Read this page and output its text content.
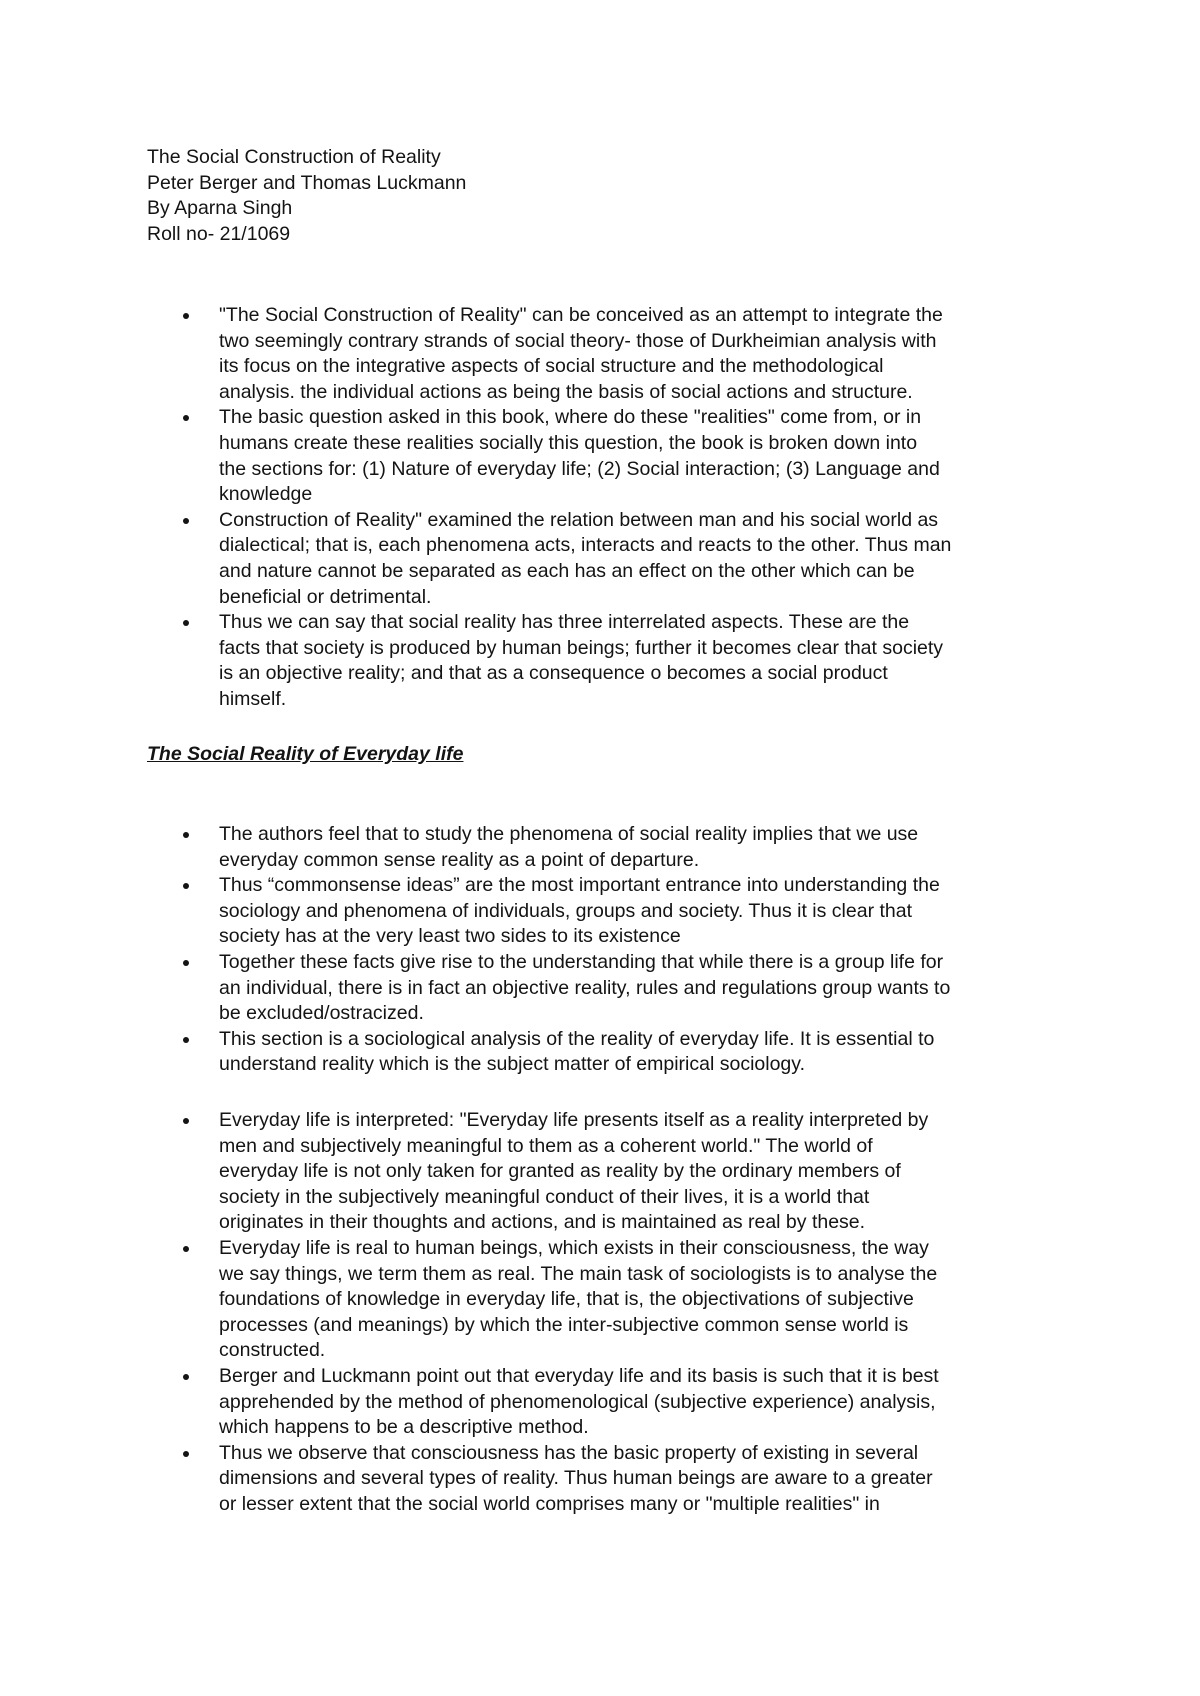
The Social Construction of Reality

Peter Berger and Thomas Luckmann

By Aparna Singh

Roll no- 21/1069

"The Social Construction of Reality" can be conceived as an attempt to integrate the
two seemingly contrary strands of social theory- those of Durkheimian analysis with
its focus on the integrative aspects of social structure and the methodological
analysis. the individual actions as being the basis of social actions and structure.
The basic question asked in this book, where do these "realities" come from, or in
humans create these realities socially this question, the book is broken down into
the sections for: (1) Nature of everyday life; (2) Social interaction; (3) Language and
knowledge
Construction of Reality" examined the relation between man and his social world as
dialectical; that is, each phenomena acts, interacts and reacts to the other. Thus man
and nature cannot be separated as each has an effect on the other which can be
beneficial or detrimental.
Thus we can say that social reality has three interrelated aspects. These are the
facts that society is produced by human beings; further it becomes clear that society
is an objective reality; and that as a consequence o becomes a social product
himself.
The Social Reality of Everyday life
The authors feel that to study the phenomena of social reality implies that we use
everyday common sense reality as a point of departure.
Thus “commonsense ideas” are the most important entrance into understanding the
sociology and phenomena of individuals, groups and society. Thus it is clear that
society has at the very least two sides to its existence
Together these facts give rise to the understanding that while there is a group life for
an individual, there is in fact an objective reality, rules and regulations group wants to
be excluded/ostracized.
This section is a sociological analysis of the reality of everyday life. It is essential to
understand reality which is the subject matter of empirical sociology.
Everyday life is interpreted: "Everyday life presents itself as a reality interpreted by
men and subjectively meaningful to them as a coherent world." The world of
everyday life is not only taken for granted as reality by the ordinary members of
society in the subjectively meaningful conduct of their lives, it is a world that
originates in their thoughts and actions, and is maintained as real by these.
Everyday life is real to human beings, which exists in their consciousness, the way
we say things, we term them as real. The main task of sociologists is to analyse the
foundations of knowledge in everyday life, that is, the objectivations of subjective
processes (and meanings) by which the inter-subjective common sense world is
constructed.
Berger and Luckmann point out that everyday life and its basis is such that it is best
apprehended by the method of phenomenological (subjective experience) analysis,
which happens to be a descriptive method.
Thus we observe that consciousness has the basic property of existing in several
dimensions and several types of reality. Thus human beings are aware to a greater
or lesser extent that the social world comprises many or "multiple realities" in
